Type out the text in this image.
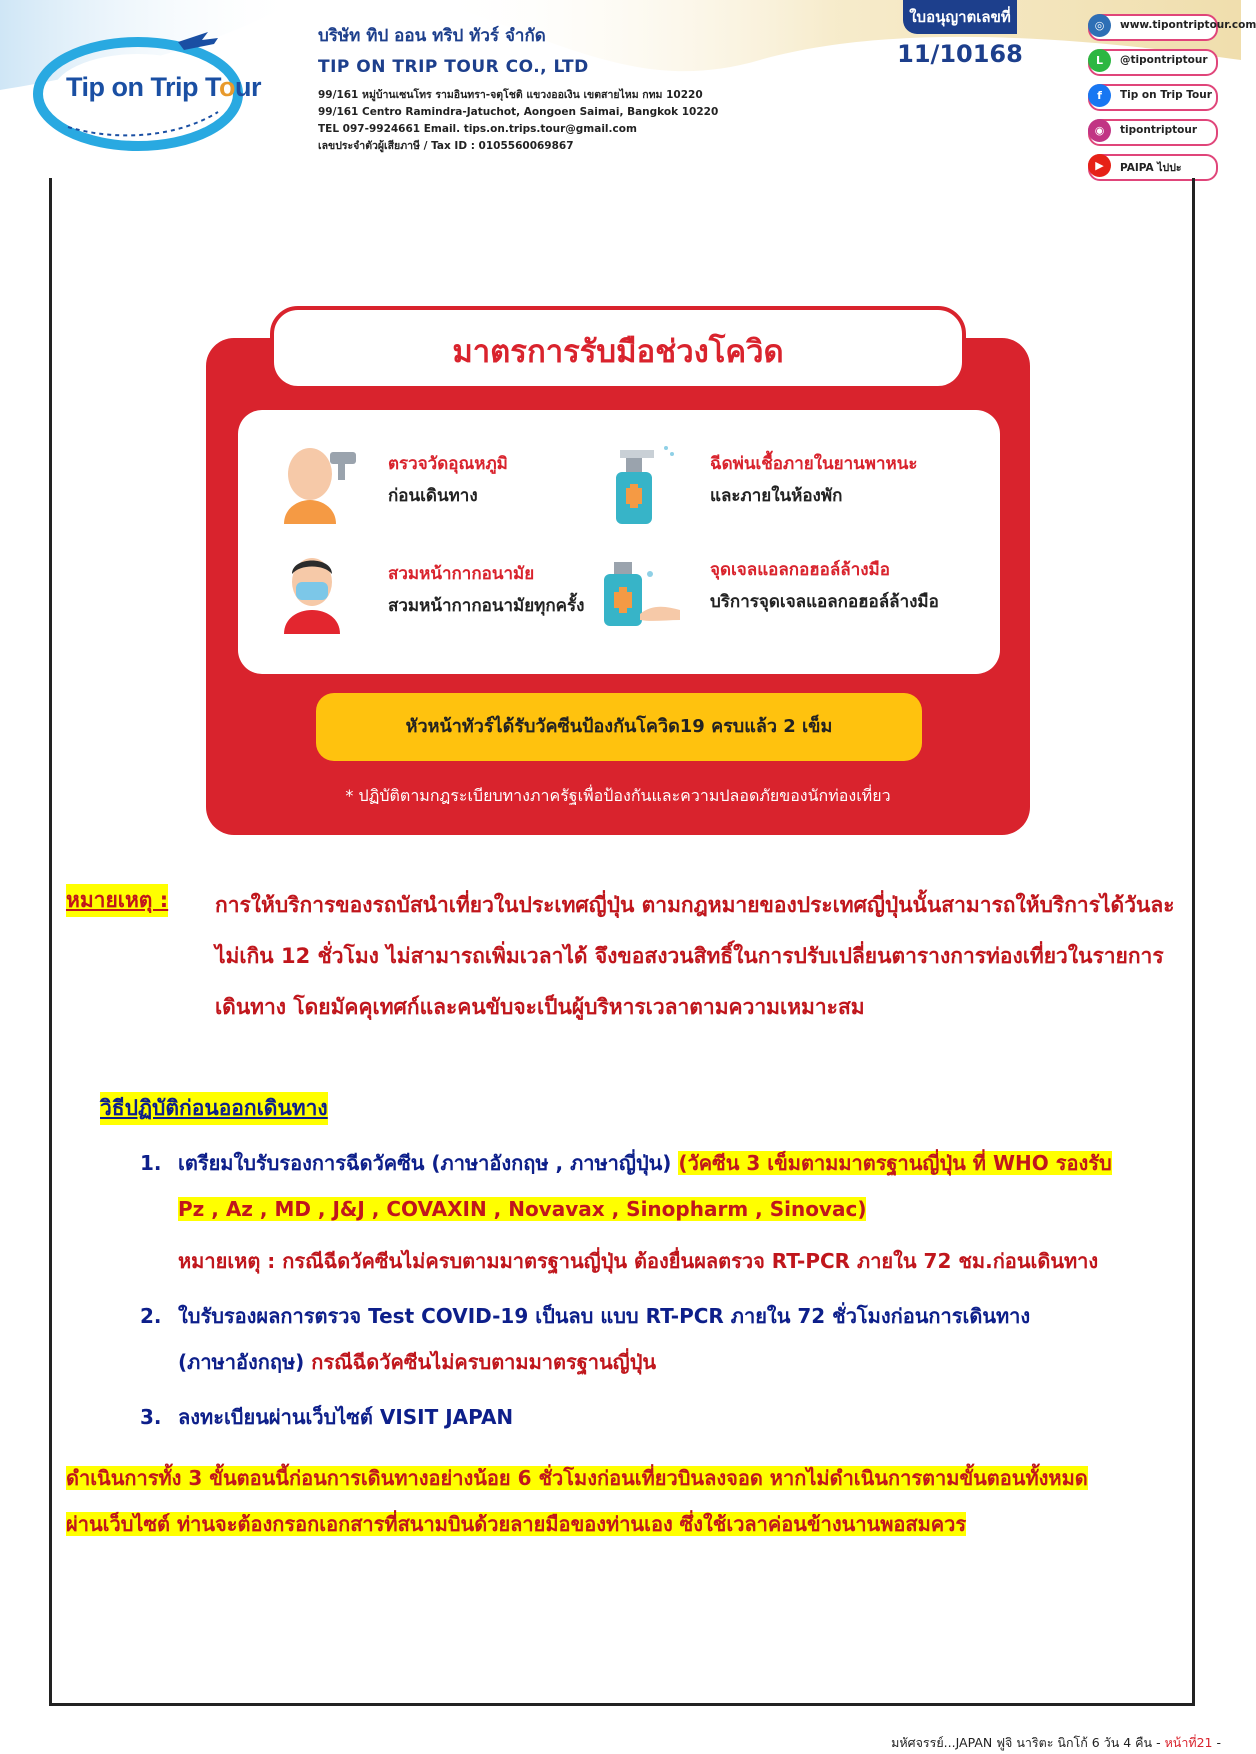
Tip on Trip Tour
บริษัท ทิป ออน ทริป ทัวร์ จำกัด
TIP ON TRIP TOUR CO., LTD
99/161 หมู่บ้านเซนโทร รามอินทรา-จตุโชติ แขวงออเงิน เขตสายไหม กทม 10220
99/161 Centro Ramindra-Jatuchot, Aongoen Saimai, Bangkok 10220
TEL 097-9924661 Email. tips.on.trips.tour@gmail.com
เลขประจำตัวผู้เสียภาษี / Tax ID : 0105560069867
ใบอนุญาตเลขที่
11/10168
◎	www.tipontriptour.com
L	@tipontriptour
f	Tip on Trip Tour
◉	tipontriptour
▶	PAIPA ไปปะ
มาตรการรับมือช่วงโควิด
ตรวจวัดอุณหภูมิ
ก่อนเดินทาง
ฉีดพ่นเชื้อภายในยานพาหนะ
และภายในห้องพัก
สวมหน้ากากอนามัย
สวมหน้ากากอนามัยทุกครั้ง
จุดเจลแอลกอฮอล์ล้างมือ
บริการจุดเจลแอลกอฮอล์ล้างมือ
หัวหน้าทัวร์ได้รับวัคซีนป้องกันโควิด19 ครบแล้ว 2 เข็ม
* ปฏิบัติตามกฎระเบียบทางภาครัฐเพื่อป้องกันและความปลอดภัยของนักท่องเที่ยว
หมายเหตุ : การให้บริการของรถบัสนำเที่ยวในประเทศญี่ปุ่น ตามกฎหมายของประเทศญี่ปุ่นนั้นสามารถให้บริการได้วันละไม่เกิน 12 ชั่วโมง ไม่สามารถเพิ่มเวลาได้ จึงขอสงวนสิทธิ์ในการปรับเปลี่ยนตารางการท่องเที่ยวในรายการเดินทาง โดยมัคคุเทศก์และคนขับจะเป็นผู้บริหารเวลาตามความเหมาะสม
วิธีปฏิบัติก่อนออกเดินทาง
1. เตรียมใบรับรองการฉีดวัคซีน (ภาษาอังกฤษ , ภาษาญี่ปุ่น) (วัคซีน 3 เข็มตามมาตรฐานญี่ปุ่น ที่ WHO รองรับ
Pz , Az , MD , J&J , COVAXIN , Novavax , Sinopharm , Sinovac)
หมายเหตุ : กรณีฉีดวัคซีนไม่ครบตามมาตรฐานญี่ปุ่น ต้องยื่นผลตรวจ RT-PCR ภายใน 72 ชม.ก่อนเดินทาง
2. ใบรับรองผลการตรวจ Test COVID-19 เป็นลบ แบบ RT-PCR ภายใน 72 ชั่วโมงก่อนการเดินทาง
(ภาษาอังกฤษ) กรณีฉีดวัคซีนไม่ครบตามมาตรฐานญี่ปุ่น
3. ลงทะเบียนผ่านเว็บไซต์ VISIT JAPAN
ดำเนินการทั้ง 3 ขั้นตอนนี้ก่อนการเดินทางอย่างน้อย 6 ชั่วโมงก่อนเที่ยวบินลงจอด หากไม่ดำเนินการตามขั้นตอนทั้งหมด
ผ่านเว็บไซต์ ท่านจะต้องกรอกเอกสารที่สนามบินด้วยลายมือของท่านเอง ซึ่งใช้เวลาค่อนข้างนานพอสมควร
มหัศจรรย์...JAPAN ฟูจิ นาริตะ นิกโก้ 6 วัน 4 คืน - หน้าที่21 -
